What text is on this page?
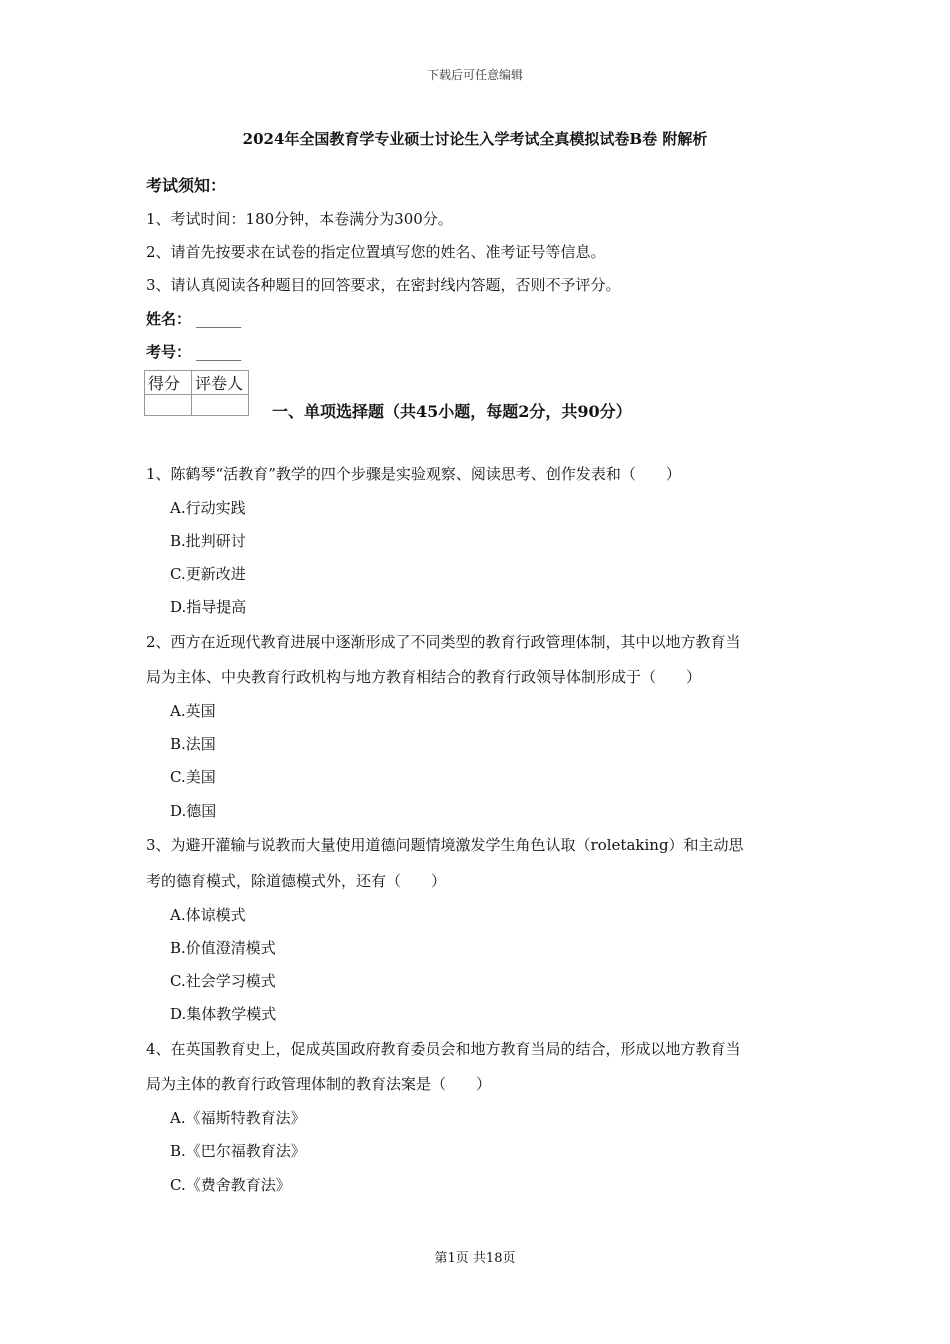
下载后可任意编辑
2024年全国教育学专业硕士讨论生入学考试全真模拟试卷B卷 附解析
考试须知：
1、考试时间：180分钟，本卷满分为300分。
2、请首先按要求在试卷的指定位置填写您的姓名、准考证号等信息。
3、请认真阅读各种题目的回答要求，在密封线内答题，否则不予评分。
姓名： ______
考号： ______
得分	评卷人

一、单项选择题（共45小题，每题2分，共90分）
1、陈鹤琴“活教育”教学的四个步骤是实验观察、阅读思考、创作发表和（　　）
A.行动实践
B.批判研讨
C.更新改进
D.指导提高
2、西方在近现代教育进展中逐渐形成了不同类型的教育行政管理体制，其中以地方教育当
局为主体、中央教育行政机构与地方教育相结合的教育行政领导体制形成于（　　）
A.英国
B.法国
C.美国
D.德国
3、为避开灌输与说教而大量使用道德问题情境激发学生角色认取（roletaking）和主动思
考的德育模式，除道德模式外，还有（　　）
A.体谅模式
B.价值澄清模式
C.社会学习模式
D.集体教学模式
4、在英国教育史上，促成英国政府教育委员会和地方教育当局的结合，形成以地方教育当
局为主体的教育行政管理体制的教育法案是（　　）
A.《福斯特教育法》
B.《巴尔福教育法》
C.《费舍教育法》
第1页 共18页
